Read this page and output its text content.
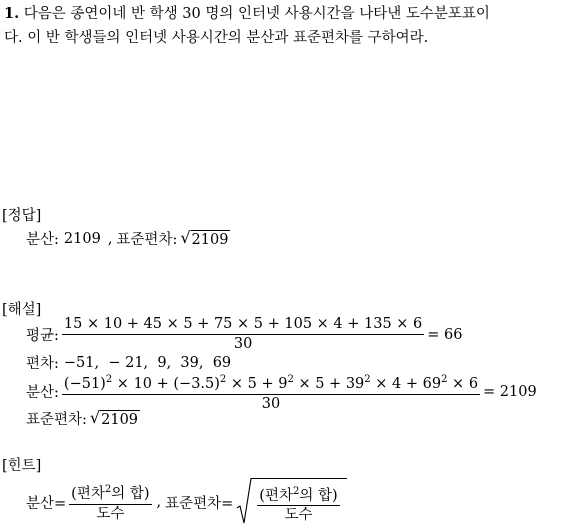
1. 다음은 종연이네 반 학생 30 명의 인터넷 사용시간을 나타낸 도수분포표이
다. 이 반 학생들의 인터넷 사용시간의 분산과 표준편차를 구하여라.
[정답]
분산: 2109 , 표준편차: √ 2109
[해설]
평균: $\frac{15 \times 10 + 45 \times 5 + 75 \times 5 + 105 \times 4 + 135 \times 6}{30} = 66$
편차: −51,  − 21,  9,  39,  69
분산: $\frac{(-51)^2 \times 10 + (-3.5)^2 \times 5 + 9^2 \times 5 + 39^2 \times 4 + 69^2 \times 6}{30} = 2109$
표준편차: √ 2109
[힌트]
분산= $\frac{(편차^2의 합)}{\text{도수}}$ , 표준편차= $\frac{(편차^2의 합)}{\text{도수}}$
